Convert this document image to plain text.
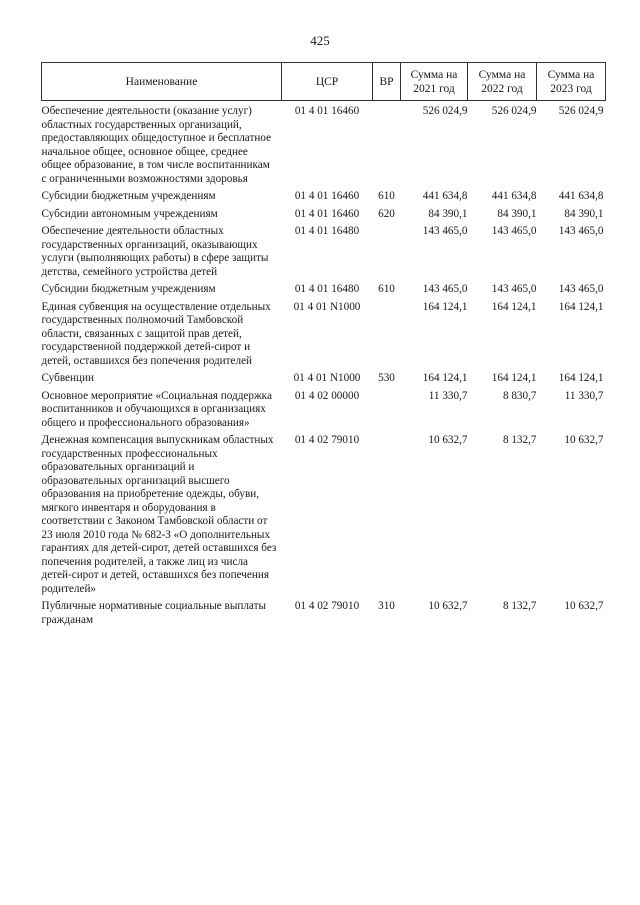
425
Наименование	ЦСР	ВР	Сумма на 2021 год	Сумма на 2022 год	Сумма на 2023 год
Обеспечение деятельности (оказание услуг) областных государственных организаций, предоставляющих общедоступное и бесплатное начальное общее, основное общее, среднее общее образование, в том числе воспитанникам с ограниченными возможностями здоровья	01 4 01 16460		526 024,9	526 024,9	526 024,9
Субсидии бюджетным учреждениям	01 4 01 16460	610	441 634,8	441 634,8	441 634,8
Субсидии автономным учреждениям	01 4 01 16460	620	84 390,1	84 390,1	84 390,1
Обеспечение деятельности областных государственных организаций, оказывающих услуги (выполняющих работы) в сфере защиты детства, семейного устройства детей	01 4 01 16480		143 465,0	143 465,0	143 465,0
Субсидии бюджетным учреждениям	01 4 01 16480	610	143 465,0	143 465,0	143 465,0
Единая субвенция на осуществление отдельных государственных полномочий Тамбовской области, связанных с защитой прав детей, государственной поддержкой детей-сирот и детей, оставшихся без попечения родителей	01 4 01 N1000		164 124,1	164 124,1	164 124,1
Субвенции	01 4 01 N1000	530	164 124,1	164 124,1	164 124,1
Основное мероприятие «Социальная поддержка воспитанников и обучающихся в организациях общего и профессионального образования»	01 4 02 00000		11 330,7	8 830,7	11 330,7
Денежная компенсация выпускникам областных государственных профессиональных образовательных организаций и образовательных организаций высшего образования на приобретение одежды, обуви, мягкого инвентаря и оборудования в соответствии с Законом Тамбовской области от 23 июля 2010 года № 682-З «О дополнительных гарантиях для детей-сирот, детей оставшихся без попечения родителей, а также лиц из числа детей-сирот и детей, оставшихся без попечения родителей»	01 4 02 79010		10 632,7	8 132,7	10 632,7
Публичные нормативные социальные выплаты гражданам	01 4 02 79010	310	10 632,7	8 132,7	10 632,7
